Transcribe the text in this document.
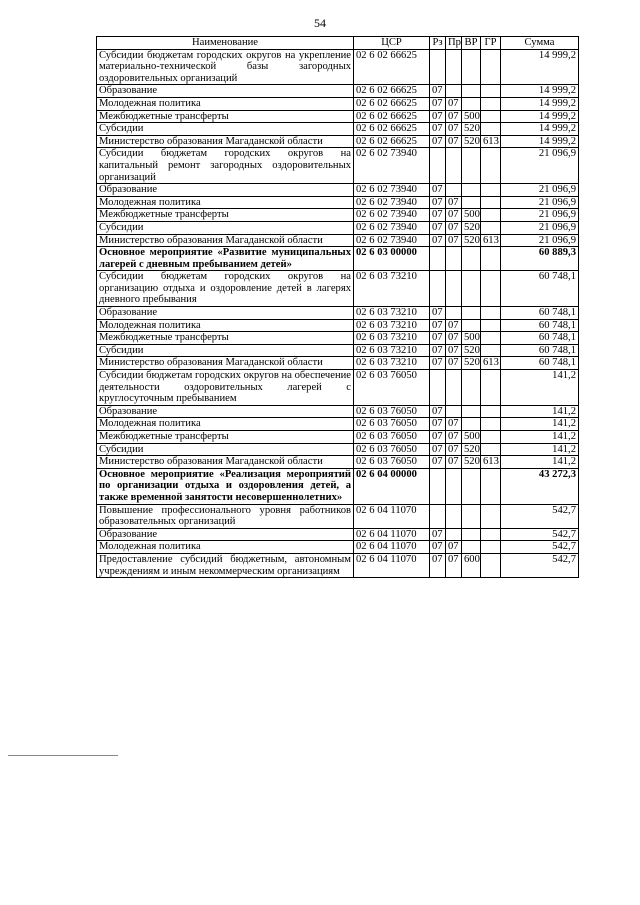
54
Наименование	ЦСР	Рз	Пр	ВР	ГР	Сумма
Субсидии бюджетам городских округов на укрепление материально-технической базы загородных оздоровительных организаций	02 6 02 66625					14 999,2
Образование	02 6 02 66625	07				14 999,2
Молодежная политика	02 6 02 66625	07	07			14 999,2
Межбюджетные трансферты	02 6 02 66625	07	07	500		14 999,2
Субсидии	02 6 02 66625	07	07	520		14 999,2
Министерство образования Магаданской области	02 6 02 66625	07	07	520	613	14 999,2
Субсидии бюджетам городских округов на капитальный ремонт загородных оздоровительных организаций	02 6 02 73940					21 096,9
Образование	02 6 02 73940	07				21 096,9
Молодежная политика	02 6 02 73940	07	07			21 096,9
Межбюджетные трансферты	02 6 02 73940	07	07	500		21 096,9
Субсидии	02 6 02 73940	07	07	520		21 096,9
Министерство образования Магаданской области	02 6 02 73940	07	07	520	613	21 096,9
Основное мероприятие «Развитие муниципальных лагерей с дневным пребыванием детей»	02 6 03 00000					60 889,3
Субсидии бюджетам городских округов на организацию отдыха и оздоровление детей в лагерях дневного пребывания	02 6 03 73210					60 748,1
Образование	02 6 03 73210	07				60 748,1
Молодежная политика	02 6 03 73210	07	07			60 748,1
Межбюджетные трансферты	02 6 03 73210	07	07	500		60 748,1
Субсидии	02 6 03 73210	07	07	520		60 748,1
Министерство образования Магаданской области	02 6 03 73210	07	07	520	613	60 748,1
Субсидии бюджетам городских округов на обеспечение деятельности оздоровительных лагерей с круглосуточным пребыванием	02 6 03 76050					141,2
Образование	02 6 03 76050	07				141,2
Молодежная политика	02 6 03 76050	07	07			141,2
Межбюджетные трансферты	02 6 03 76050	07	07	500		141,2
Субсидии	02 6 03 76050	07	07	520		141,2
Министерство образования Магаданской области	02 6 03 76050	07	07	520	613	141,2
Основное мероприятие «Реализация мероприятий по организации отдыха и оздоровления детей, а также временной занятости несовершеннолетних»	02 6 04 00000					43 272,3
Повышение профессионального уровня работников образовательных организаций	02 6 04 11070					542,7
Образование	02 6 04 11070	07				542,7
Молодежная политика	02 6 04 11070	07	07			542,7
Предоставление субсидий бюджетным, автономным учреждениям и иным некоммерческим организациям	02 6 04 11070	07	07	600		542,7
